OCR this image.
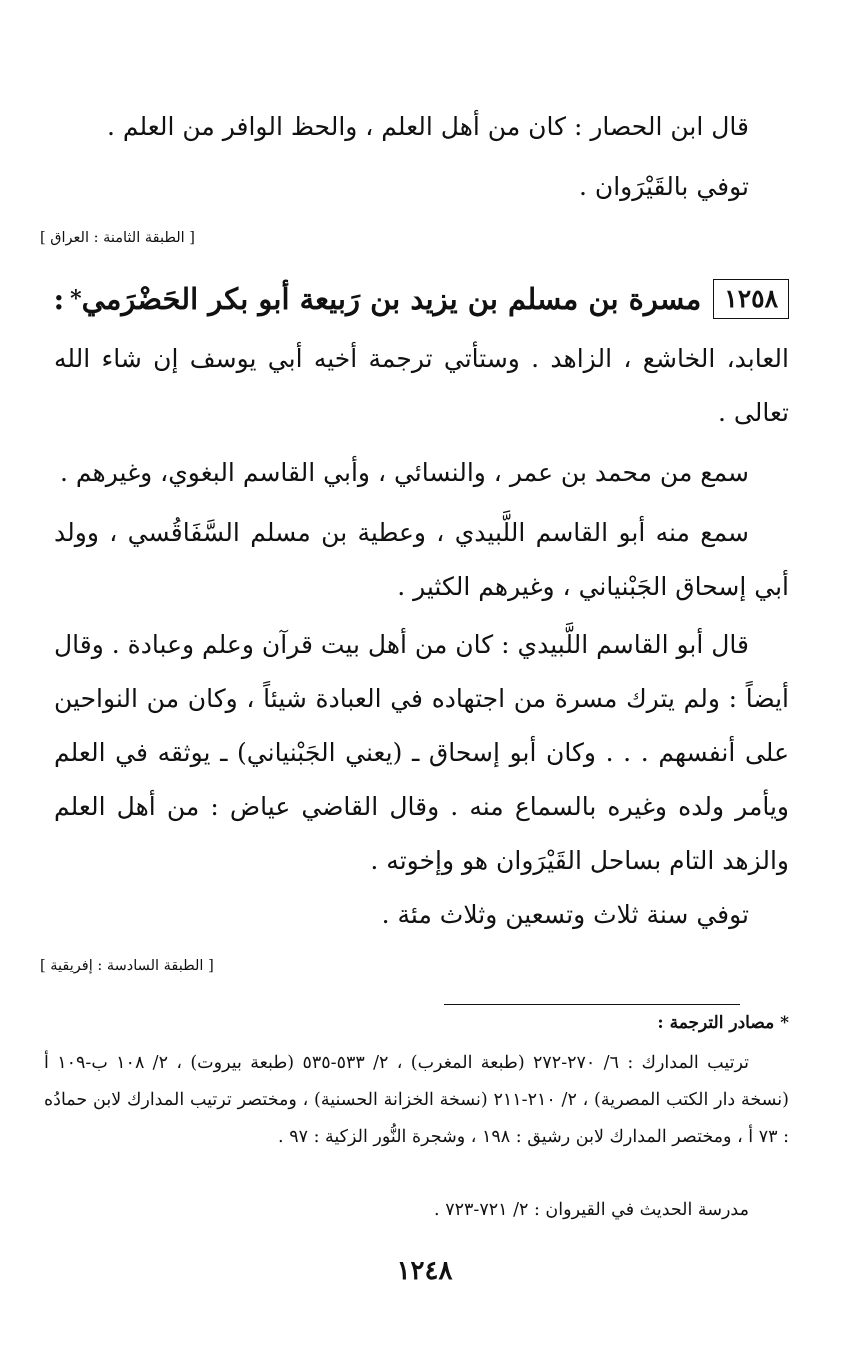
قال ابن الحصار : كان من أهل العلم ، والحظ الوافر من العلم .

توفي بالقَيْرَوان .

[ الطبقة الثامنة : العراق ]
١٢٥٨
مسرة بن مسلم بن يزيد بن رَبيعة أبو بكر الحَضْرَمي
*
:

العابد، الخاشع ، الزاهد . وستأتي ترجمة أخيه أبي يوسف إن شاء الله تعالى .

سمع من محمد بن عمر ، والنسائي ، وأبي القاسم البغوي، وغيرهم .

سمع منه أبو القاسم اللَّبيدي ، وعطية بن مسلم السَّفَاقُسي ، وولد أبي إسحاق الجَبْنياني ، وغيرهم الكثير .

قال أبو القاسم اللَّبيدي : كان من أهل بيت قرآن وعلم وعبادة . وقال أيضاً : ولم يترك مسرة من اجتهاده في العبادة شيئاً ، وكان من النواحين على أنفسهم . . . وكان أبو إسحاق ـ (يعني الجَبْنياني) ـ يوثقه في العلم ويأمر ولده وغيره بالسماع منه . وقال القاضي عياض : من أهل العلم والزهد التام بساحل القَيْرَوان هو وإخوته .

توفي سنة ثلاث وتسعين وثلاث مئة .

[ الطبقة السادسة : إفريقية ]
* مصادر الترجمة :

ترتيب المدارك : ٦/ ٢٧٠-٢٧٢ (طبعة المغرب) ، ٢/ ٥٣٣-٥٣٥ (طبعة بيروت) ، ٢/ ١٠٨ ب-١٠٩ أ (نسخة دار الكتب المصرية) ، ٢/ ٢١٠-٢١١ (نسخة الخزانة الحسنية) ، ومختصر ترتيب المدارك لابن حمادُه : ٧٣ أ ، ومختصر المدارك لابن رشيق : ١٩٨ ، وشجرة النُّور الزكية : ٩٧ .

مدرسة الحديث في القيروان : ٢/ ٧٢١-٧٢٣ .

١٢٤٨
